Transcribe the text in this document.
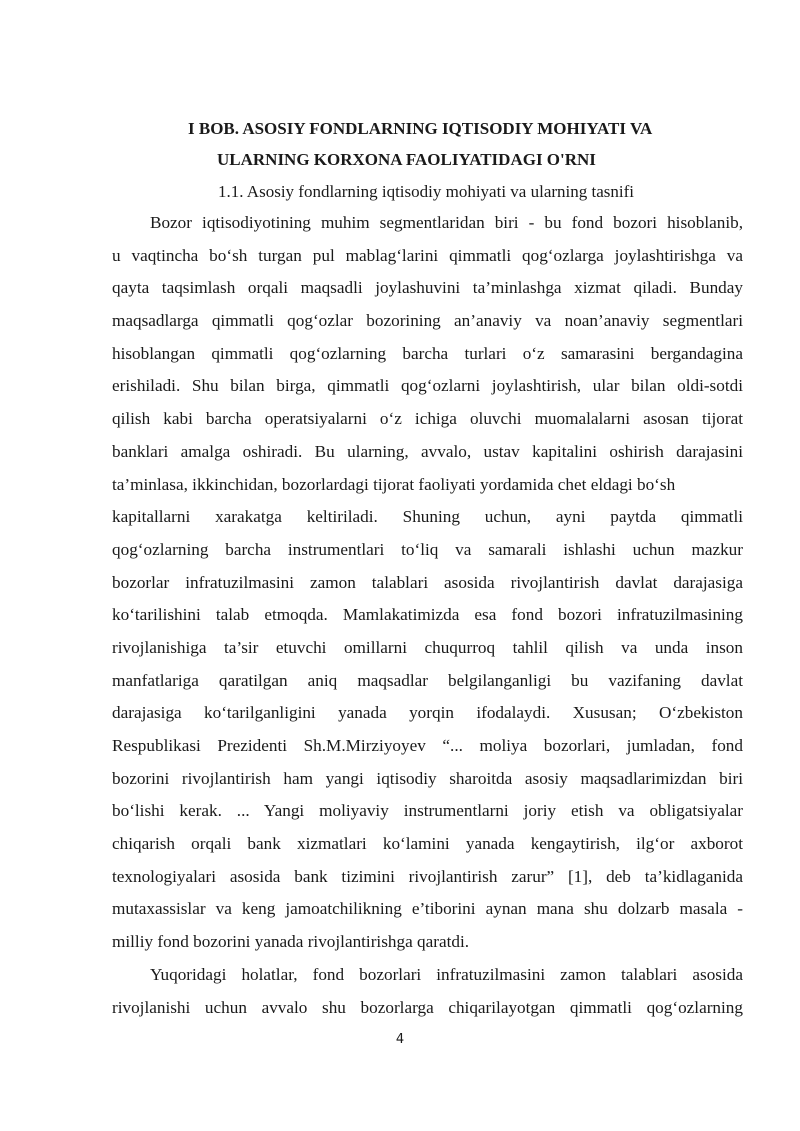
I BOB. ASOSIY FONDLARNING IQTISODIY MOHIYATI VA
ULARNING KORXONA FAOLIYATIDAGI O'RNI
1.1. Asosiy fondlarning iqtisodiy mohiyati va ularning tasnifi
Bozor iqtisodiyotining muhim segmentlaridan biri - bu fond bozori hisoblanib,
u vaqtincha bo‘sh turgan pul mablag‘larini qimmatli qog‘ozlarga joylashtirishga va
qayta taqsimlash orqali maqsadli joylashuvini ta’minlashga xizmat qiladi. Bunday
maqsadlarga qimmatli qog‘ozlar bozorining an’anaviy va noan’anaviy segmentlari
hisoblangan qimmatli qog‘ozlarning barcha turlari o‘z samarasini bergandagina
erishiladi. Shu bilan birga, qimmatli qog‘ozlarni joylashtirish, ular bilan oldi-sotdi
qilish kabi barcha operatsiyalarni o‘z ichiga oluvchi muomalalarni asosan tijorat
banklari amalga oshiradi. Bu ularning, avvalo, ustav kapitalini oshirish darajasini
ta’minlasa, ikkinchidan, bozorlardagi tijorat faoliyati yordamida chet eldagi bo‘sh
kapitallarni xarakatga keltiriladi. Shuning uchun, ayni paytda qimmatli
qog‘ozlarning barcha instrumentlari to‘liq va samarali ishlashi uchun mazkur
bozorlar infratuzilmasini zamon talablari asosida rivojlantirish davlat darajasiga
ko‘tarilishini talab etmoqda. Mamlakatimizda esa fond bozori infratuzilmasining
rivojlanishiga ta’sir etuvchi omillarni chuqurroq tahlil qilish va unda inson
manfatlariga qaratilgan aniq maqsadlar belgilanganligi bu vazifaning davlat
darajasiga ko‘tarilganligini yanada yorqin ifodalaydi. Xususan; O‘zbekiston
Respublikasi Prezidenti Sh.M.Mirziyoyev “... moliya bozorlari, jumladan, fond
bozorini rivojlantirish ham yangi iqtisodiy sharoitda asosiy maqsadlarimizdan biri
bo‘lishi kerak. ... Yangi moliyaviy instrumentlarni joriy etish va obligatsiyalar
chiqarish orqali bank xizmatlari ko‘lamini yanada kengaytirish, ilg‘or axborot
texnologiyalari asosida bank tizimini rivojlantirish zarur” [1], deb ta’kidlaganida
mutaxassislar va keng jamoatchilikning e’tiborini aynan mana shu dolzarb masala -
milliy fond bozorini yanada rivojlantirishga qaratdi.
Yuqoridagi holatlar, fond bozorlari infratuzilmasini zamon talablari asosida
rivojlanishi uchun avvalo shu bozorlarga chiqarilayotgan qimmatli qog‘ozlarning
4
